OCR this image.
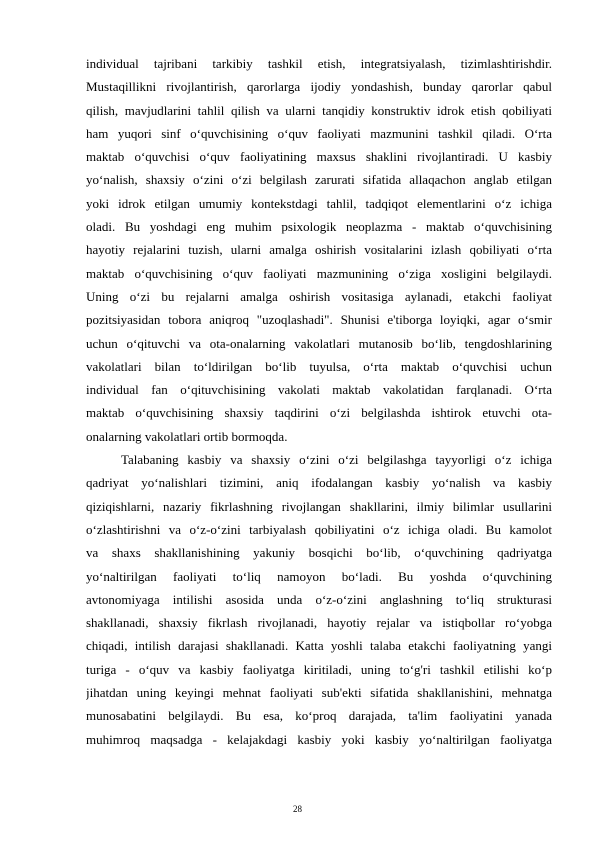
individual tajribani tarkibiy tashkil etish, integratsiyalash, tizimlashtirishdir.
Mustaqillikni rivojlantirish, qarorlarga ijodiy yondashish, bunday qarorlar qabul
qilish, mavjudlarini tahlil qilish va ularni tanqidiy konstruktiv idrok etish qobiliyati
ham yuqori sinf o‘quvchisining o‘quv faoliyati mazmunini tashkil qiladi. O‘rta
maktab o‘quvchisi o‘quv faoliyatining maxsus shaklini rivojlantiradi. U kasbiy
yo‘nalish, shaxsiy o‘zini o‘zi belgilash zarurati sifatida allaqachon anglab etilgan
yoki idrok etilgan umumiy kontekstdagi tahlil, tadqiqot elementlarini o‘z ichiga
oladi. Bu yoshdagi eng muhim psixologik neoplazma - maktab o‘quvchisining
hayotiy rejalarini tuzish, ularni amalga oshirish vositalarini izlash qobiliyati o‘rta
maktab o‘quvchisining o‘quv faoliyati mazmunining o‘ziga xosligini belgilaydi.
Uning o‘zi bu rejalarni amalga oshirish vositasiga aylanadi, etakchi faoliyat
pozitsiyasidan tobora aniqroq "uzoqlashadi". Shunisi e'tiborga loyiqki, agar o‘smir
uchun o‘qituvchi va ota-onalarning vakolatlari mutanosib bo‘lib, tengdoshlarining
vakolatlari bilan to‘ldirilgan bo‘lib tuyulsa, o‘rta maktab o‘quvchisi uchun
individual fan o‘qituvchisining vakolati maktab vakolatidan farqlanadi. O‘rta
maktab o‘quvchisining shaxsiy taqdirini o‘zi belgilashda ishtirok etuvchi ota-
onalarning vakolatlari ortib bormoqda.
Talabaning kasbiy va shaxsiy o‘zini o‘zi belgilashga tayyorligi o‘z ichiga
qadriyat yo‘nalishlari tizimini, aniq ifodalangan kasbiy yo‘nalish va kasbiy
qiziqishlarni, nazariy fikrlashning rivojlangan shakllarini, ilmiy bilimlar usullarini
o‘zlashtirishni va o‘z-o‘zini tarbiyalash qobiliyatini o‘z ichiga oladi. Bu kamolot
va shaxs shakllanishining yakuniy bosqichi bo‘lib, o‘quvchining qadriyatga
yo‘naltirilgan faoliyati to‘liq namoyon bo‘ladi. Bu yoshda o‘quvchining
avtonomiyaga intilishi asosida unda o‘z-o‘zini anglashning to‘liq strukturasi
shakllanadi, shaxsiy fikrlash rivojlanadi, hayotiy rejalar va istiqbollar ro‘yobga
chiqadi, intilish darajasi shakllanadi. Katta yoshli talaba etakchi faoliyatning yangi
turiga - o‘quv va kasbiy faoliyatga kiritiladi, uning to‘g'ri tashkil etilishi ko‘p
jihatdan uning keyingi mehnat faoliyati sub'ekti sifatida shakllanishini, mehnatga
munosabatini belgilaydi. Bu esa, ko‘proq darajada, ta'lim faoliyatini yanada
muhimroq maqsadga - kelajakdagi kasbiy yoki kasbiy yo‘naltirilgan faoliyatga
28
